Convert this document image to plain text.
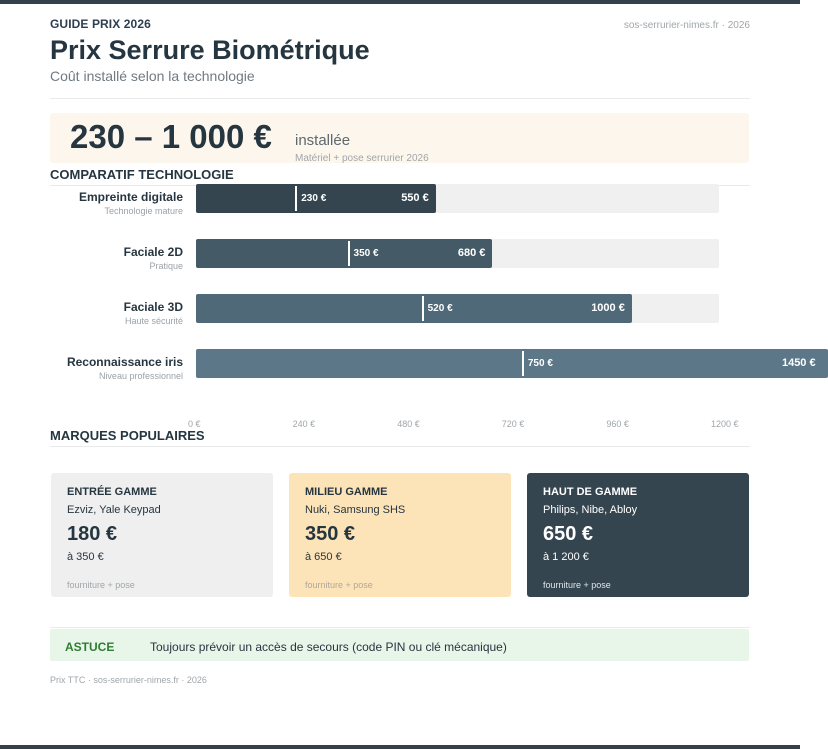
GUIDE PRIX 2026	sos-serrurier-nimes.fr · 2026
Prix Serrure Biométrique
Coût installé selon la technologie
230 – 1 000 € installée
Matériel + pose serrurier 2026
COMPARATIF TECHNOLOGIE
Empreinte digitale
Technologie mature
230 €	550 €
Faciale 2D
Pratique
350 €	680 €
Faciale 3D
Haute sécurité
520 €	1000 €
Reconnaissance iris
Niveau professionnel
750 €	1450 €
0 €	240 €	480 €	720 €	960 €	1200 €
MARQUES POPULAIRES
ENTRÉE GAMME
Ezviz, Yale Keypad
180 €
à 350 €
fourniture + pose
MILIEU GAMME
Nuki, Samsung SHS
350 €
à 650 €
fourniture + pose
HAUT DE GAMME
Philips, Nibe, Abloy
650 €
à 1 200 €
fourniture + pose
ASTUCE	Toujours prévoir un accès de secours (code PIN ou clé mécanique)
Prix TTC · sos-serrurier-nimes.fr · 2026
